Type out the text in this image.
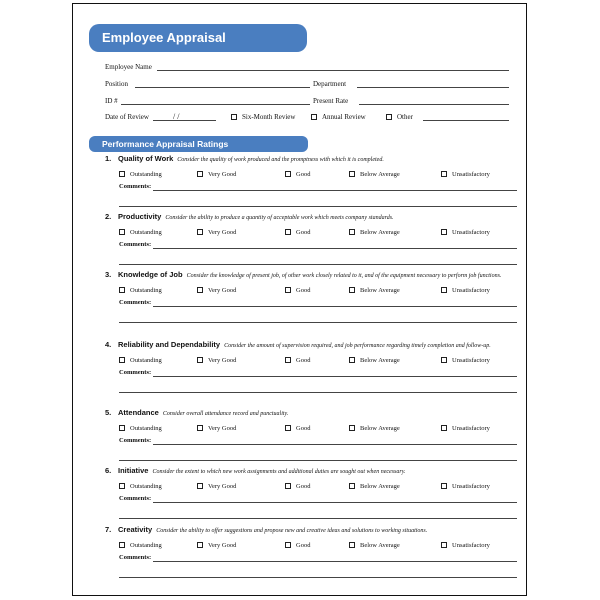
Employee Appraisal
Employee Name
Position	Department
ID #	Present Rate
Date of Review	/ /	Six-Month Review	Annual Review	Other
Performance Appraisal Ratings
1. Quality of Work Consider the quality of work produced and the promptness with which it is completed.
Outstanding	Very Good	Good	Below Average	Unsatisfactory
Comments:
2. Productivity Consider the ability to produce a quantity of acceptable work which meets company standards.
Outstanding	Very Good	Good	Below Average	Unsatisfactory
Comments:
3. Knowledge of Job Consider the knowledge of present job, of other work closely related to it, and of the equipment necessary to perform job functions.
Outstanding	Very Good	Good	Below Average	Unsatisfactory
Comments:
4. Reliability and Dependability Consider the amount of supervision required, and job performance regarding timely completion and follow-up.
Outstanding	Very Good	Good	Below Average	Unsatisfactory
Comments:
5. Attendance Consider overall attendance record and punctuality.
Outstanding	Very Good	Good	Below Average	Unsatisfactory
Comments:
6. Initiative Consider the extent to which new work assignments and additional duties are sought out when necessary.
Outstanding	Very Good	Good	Below Average	Unsatisfactory
Comments:
7. Creativity Consider the ability to offer suggestions and propose new and creative ideas and solutions to working situations.
Outstanding	Very Good	Good	Below Average	Unsatisfactory
Comments:
